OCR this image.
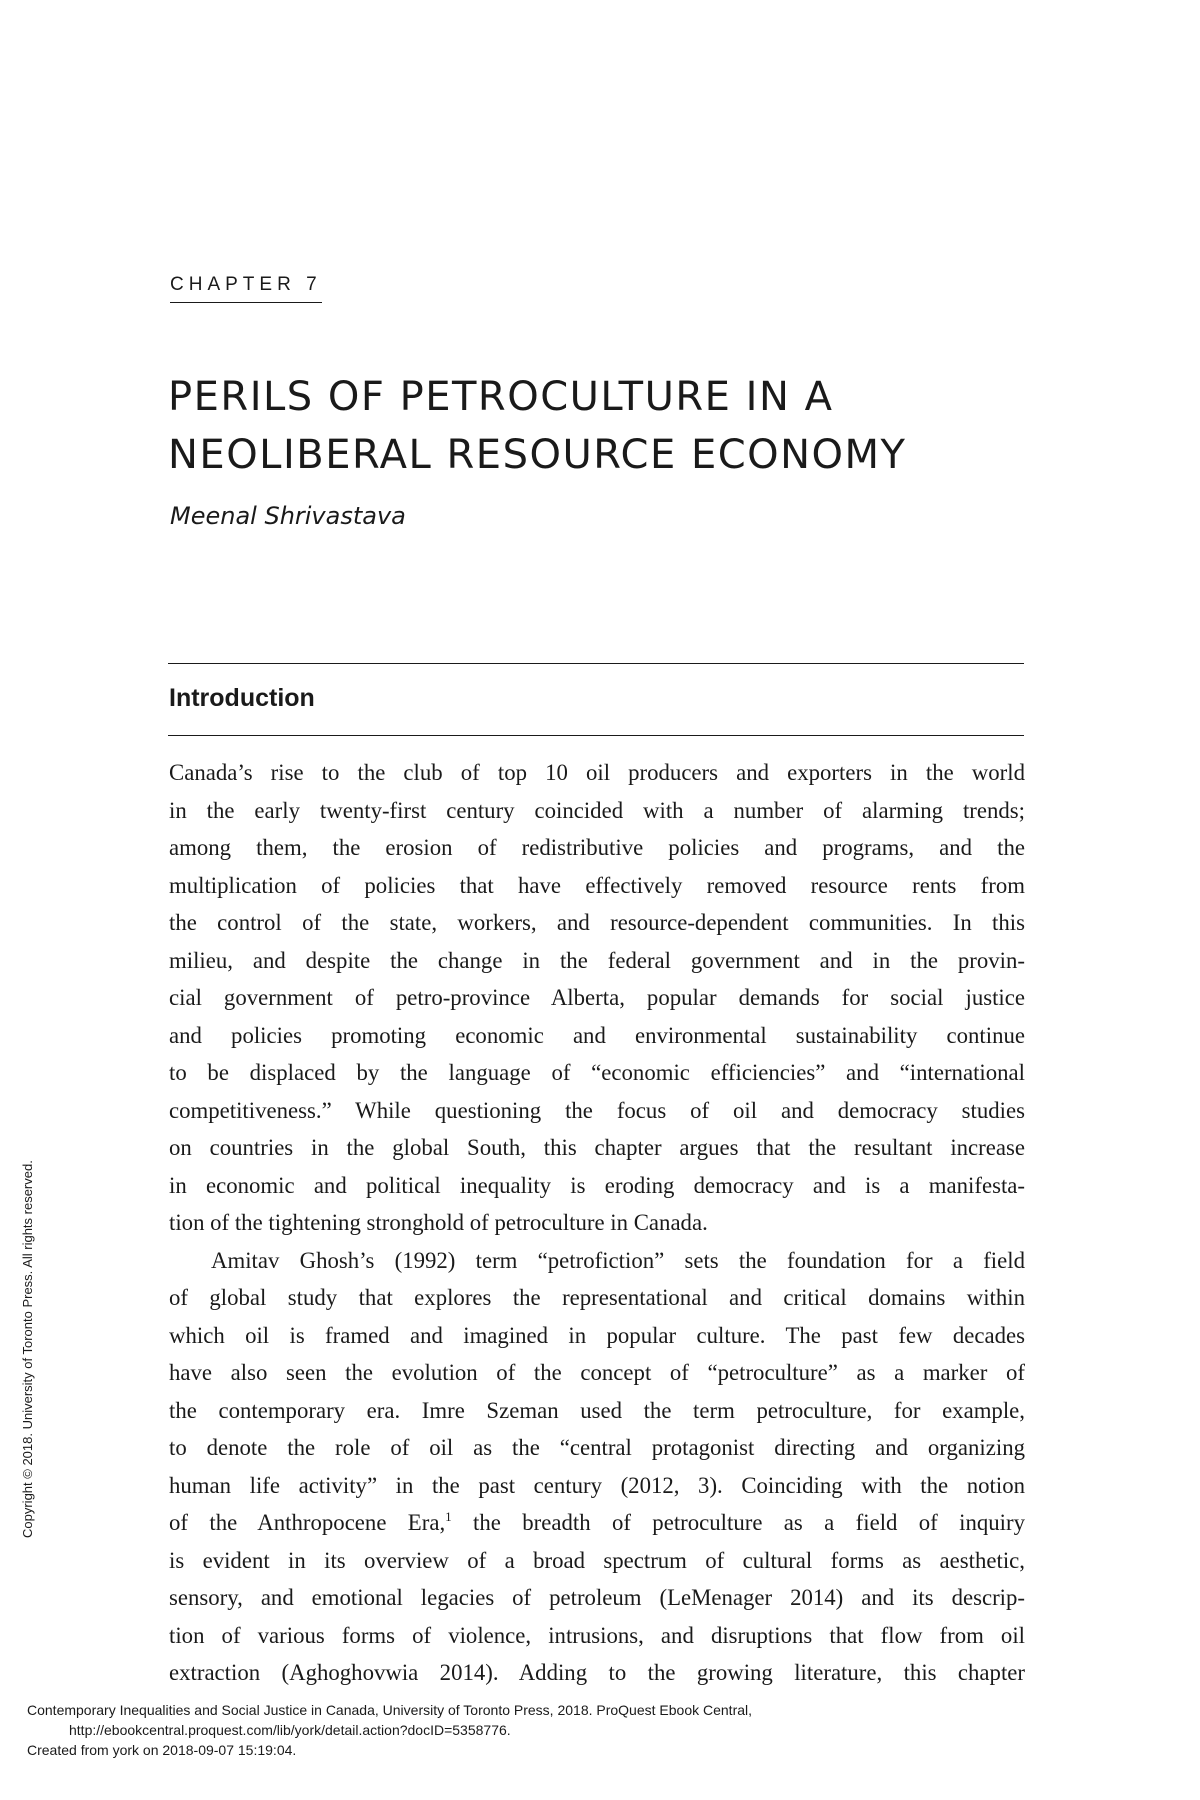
CHAPTER 7
PERILS OF PETROCULTURE IN A
NEOLIBERAL RESOURCE ECONOMY
Meenal Shrivastava
Introduction
Canada’s rise to the club of top 10 oil producers and exporters in the world
in the early twenty-first century coincided with a number of alarming trends;
among them, the erosion of redistributive policies and programs, and the
multiplication of policies that have effectively removed resource rents from
the control of the state, workers, and resource-dependent communities. In this
milieu, and despite the change in the federal government and in the provin-
cial government of petro-province Alberta, popular demands for social justice
and policies promoting economic and environmental sustainability continue
to be displaced by the language of “economic efficiencies” and “international
competitiveness.” While questioning the focus of oil and democracy studies
on countries in the global South, this chapter argues that the resultant increase
in economic and political inequality is eroding democracy and is a manifesta-
tion of the tightening stronghold of petroculture in Canada.
Amitav Ghosh’s (1992) term “petrofiction” sets the foundation for a field
of global study that explores the representational and critical domains within
which oil is framed and imagined in popular culture. The past few decades
have also seen the evolution of the concept of “petroculture” as a marker of
the contemporary era. Imre Szeman used the term petroculture, for example,
to denote the role of oil as the “central protagonist directing and organizing
human life activity” in the past century (2012, 3). Coinciding with the notion
of the Anthropocene Era,$^1$ the breadth of petroculture as a field of inquiry
is evident in its overview of a broad spectrum of cultural forms as aesthetic,
sensory, and emotional legacies of petroleum (LeMenager 2014) and its descrip-
tion of various forms of violence, intrusions, and disruptions that flow from oil
extraction (Aghoghovwia 2014). Adding to the growing literature, this chapter
Copyright © 2018. University of Toronto Press. All rights reserved.
Contemporary Inequalities and Social Justice in Canada, University of Toronto Press, 2018. ProQuest Ebook Central,
http://ebookcentral.proquest.com/lib/york/detail.action?docID=5358776.
Created from york on 2018-09-07 15:19:04.
